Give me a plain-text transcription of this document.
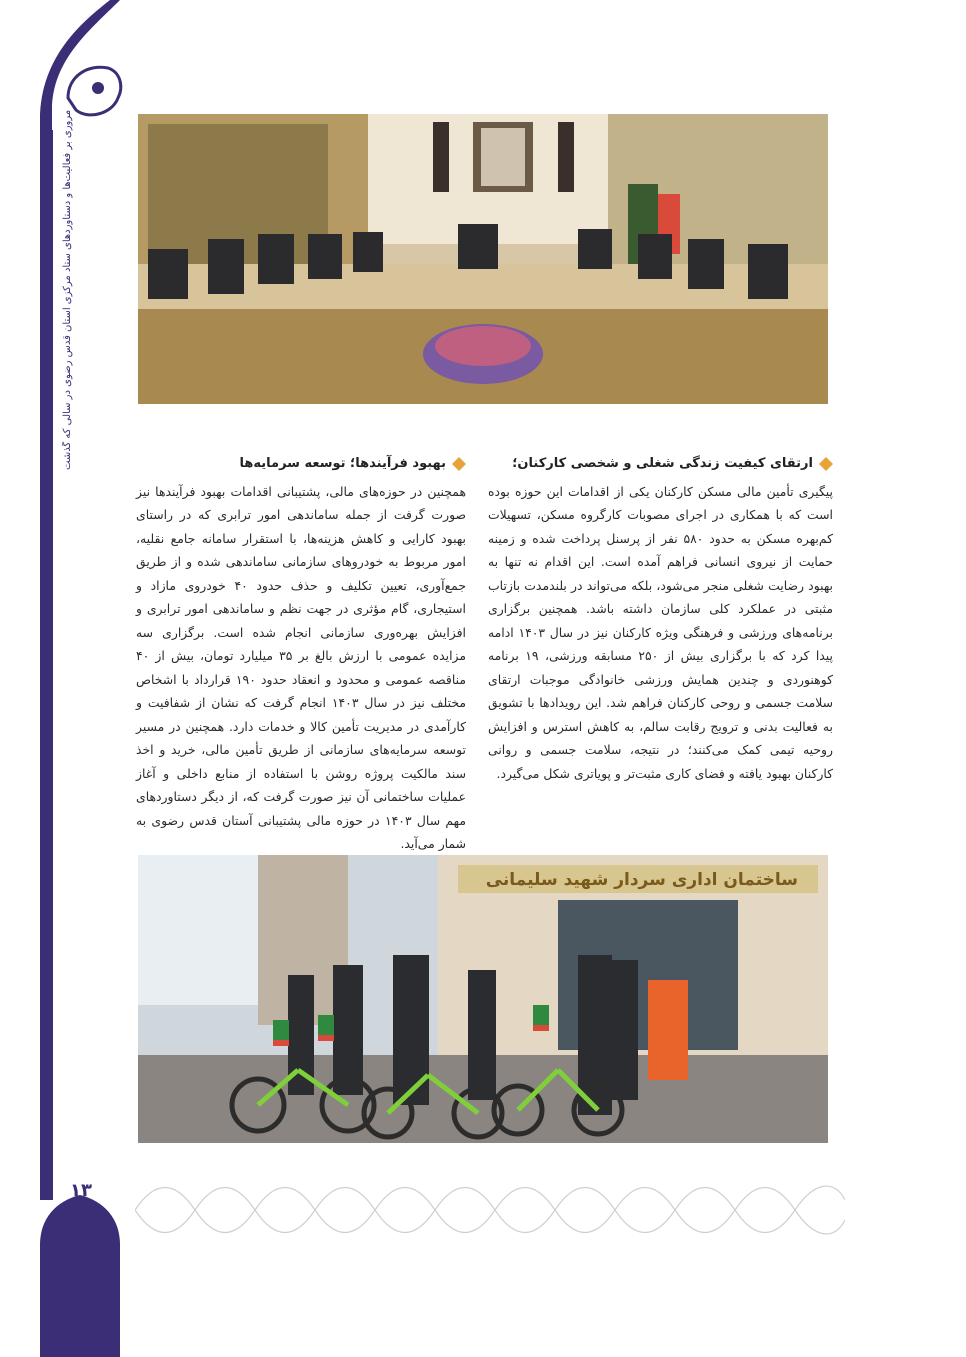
مروری بر فعالیت‌ها و دستاوردهای ستاد مرکزی آستان قدس رضوی در سالی که گذشت	ارتقای کیفیت زندگی شغلی و شخصی کارکنان؛
پیگیری تأمین مالی مسکن کارکنان یکی از اقدامات این حوزه بوده است که با همکاری در اجرای مصوبات کارگروه مسکن، تسهیلات کم‌بهره مسکن به حدود ۵۸۰ نفر از پرسنل پرداخت شده و زمینه حمایت از نیروی انسانی فراهم آمده است. این اقدام نه تنها به بهبود رضایت شغلی منجر می‌شود، بلکه می‌تواند در بلندمدت بازتاب مثبتی در عملکرد کلی سازمان داشته باشد. همچنین برگزاری برنامه‌های ورزشی و فرهنگی ویژه کارکنان نیز در سال ۱۴۰۳ ادامه پیدا کرد که با برگزاری بیش از ۲۵۰ مسابقه ورزشی، ۱۹ برنامه کوهنوردی و چندین همایش ورزشی خانوادگی موجبات ارتقای سلامت جسمی و روحی کارکنان فراهم شد. این رویدادها با تشویق به فعالیت بدنی و ترویج رقابت سالم، به کاهش استرس و افزایش روحیه تیمی کمک می‌کنند؛ در نتیجه، سلامت جسمی و روانی کارکنان بهبود یافته و فضای کاری مثبت‌تر و پویاتری شکل می‌گیرد.
بهبود فرآیندها؛ توسعه سرمایه‌ها
همچنین در حوزه‌های مالی، پشتیبانی اقدامات بهبود فرآیندها نیز صورت گرفت از جمله ساماندهی امور ترابری که در راستای بهبود کارایی و کاهش هزینه‌ها، با استقرار سامانه جامع نقلیه، امور مربوط به خودروهای سازمانی ساماندهی شده و از طریق جمع‌آوری، تعیین تکلیف و حذف حدود ۴۰ خودروی مازاد و استیجاری، گام مؤثری در جهت نظم و ساماندهی امور ترابری و افزایش بهره‌وری سازمانی انجام شده است. برگزاری سه مزایده عمومی با ارزش بالغ بر ۳۵ میلیارد تومان، بیش از ۴۰ مناقصه عمومی و محدود و انعقاد حدود ۱۹۰ قرارداد با اشخاص مختلف نیز در سال ۱۴۰۳ انجام گرفت که نشان از شفافیت و کارآمدی در مدیریت تأمین کالا و خدمات دارد. همچنین در مسیر توسعه سرمایه‌های سازمانی از طریق تأمین مالی، خرید و اخذ سند مالکیت پروژه روشن با استفاده از منابع داخلی و آغاز عملیات ساختمانی آن نیز صورت گرفت که، از دیگر دستاوردهای مهم سال ۱۴۰۳ در حوزه مالی پشتیبانی آستان قدس رضوی به شمار می‌آید.
ساختمان اداری سردار شهید سلیمانی
۱۳
